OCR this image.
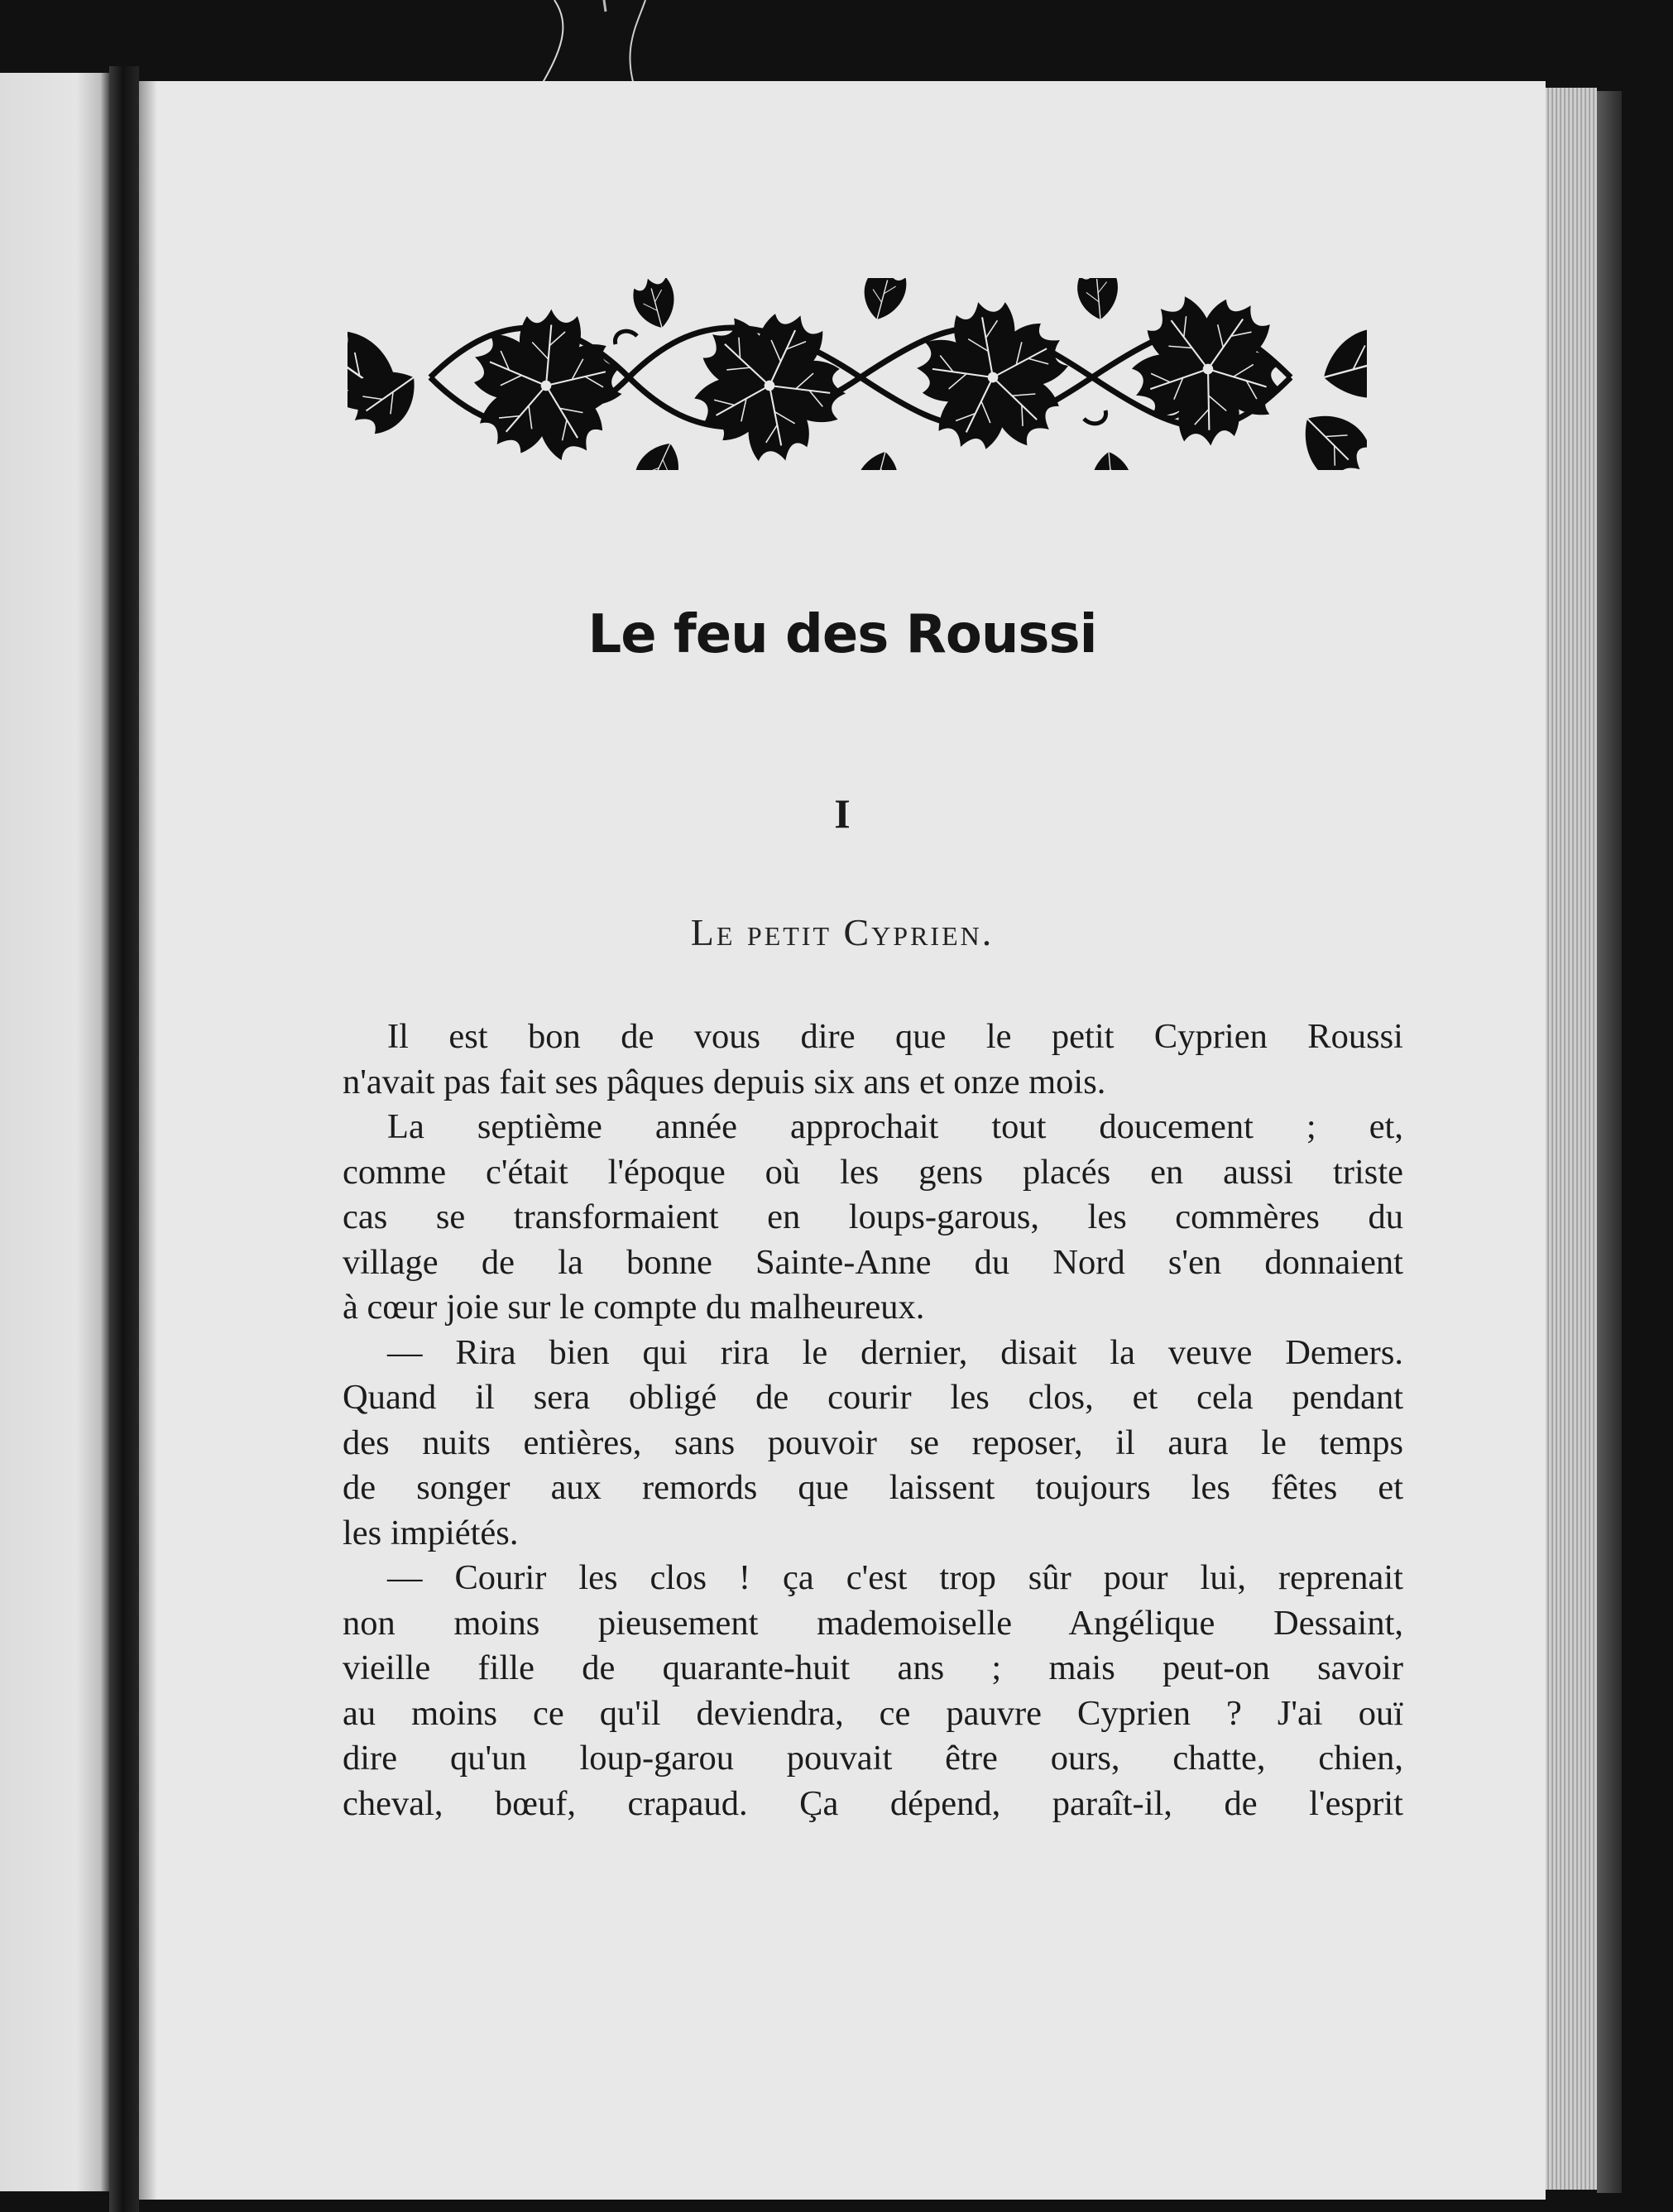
Le feu des Roussi
I
Le petit Cyprien.

Il est bon de vous dire que le petit Cyprien Roussi
n'avait pas fait ses pâques depuis six ans et onze mois.

La septième année approchait tout doucement ; et,
comme c'était l'époque où les gens placés en aussi triste
cas se transformaient en loups-garous, les commères du
village de la bonne Sainte-Anne du Nord s'en donnaient
à cœur joie sur le compte du malheureux.

— Rira bien qui rira le dernier, disait la veuve Demers.
Quand il sera obligé de courir les clos, et cela pendant
des nuits entières, sans pouvoir se reposer, il aura le temps
de songer aux remords que laissent toujours les fêtes et
les impiétés.

— Courir les clos ! ça c'est trop sûr pour lui, reprenait
non moins pieusement mademoiselle Angélique Dessaint,
vieille fille de quarante-huit ans ; mais peut-on savoir
au moins ce qu'il deviendra, ce pauvre Cyprien ? J'ai ouï
dire qu'un loup-garou pouvait être ours, chatte, chien,
cheval, bœuf, crapaud. Ça dépend, paraît-il, de l'esprit
